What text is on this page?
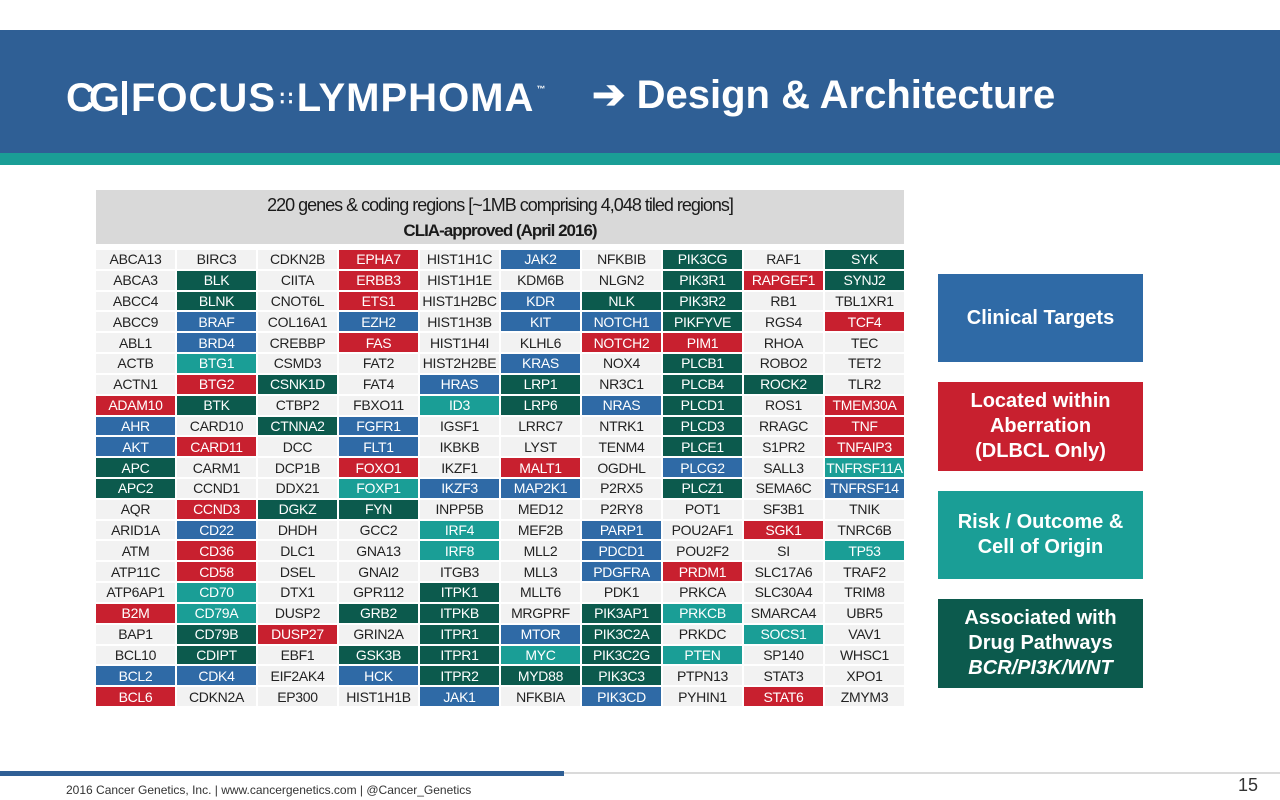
CG FOCUS ∷ LYMPHOMA ™ ➔ Design & Architecture
220 genes & coding regions [~1MB comprising 4,048 tiled regions]
CLIA-approved (April 2016)
ABCA13	BIRC3	CDKN2B	EPHA7	HIST1H1C	JAK2	NFKBIB	PIK3CG	RAF1	SYK
ABCA3	BLK	CIITA	ERBB3	HIST1H1E	KDM6B	NLGN2	PIK3R1	RAPGEF1	SYNJ2
ABCC4	BLNK	CNOT6L	ETS1	HIST1H2BC	KDR	NLK	PIK3R2	RB1	TBL1XR1
ABCC9	BRAF	COL16A1	EZH2	HIST1H3B	KIT	NOTCH1	PIKFYVE	RGS4	TCF4
ABL1	BRD4	CREBBP	FAS	HIST1H4I	KLHL6	NOTCH2	PIM1	RHOA	TEC
ACTB	BTG1	CSMD3	FAT2	HIST2H2BE	KRAS	NOX4	PLCB1	ROBO2	TET2
ACTN1	BTG2	CSNK1D	FAT4	HRAS	LRP1	NR3C1	PLCB4	ROCK2	TLR2
ADAM10	BTK	CTBP2	FBXO11	ID3	LRP6	NRAS	PLCD1	ROS1	TMEM30A
AHR	CARD10	CTNNA2	FGFR1	IGSF1	LRRC7	NTRK1	PLCD3	RRAGC	TNF
AKT	CARD11	DCC	FLT1	IKBKB	LYST	TENM4	PLCE1	S1PR2	TNFAIP3
APC	CARM1	DCP1B	FOXO1	IKZF1	MALT1	OGDHL	PLCG2	SALL3	TNFRSF11A
APC2	CCND1	DDX21	FOXP1	IKZF3	MAP2K1	P2RX5	PLCZ1	SEMA6C	TNFRSF14
AQR	CCND3	DGKZ	FYN	INPP5B	MED12	P2RY8	POT1	SF3B1	TNIK
ARID1A	CD22	DHDH	GCC2	IRF4	MEF2B	PARP1	POU2AF1	SGK1	TNRC6B
ATM	CD36	DLC1	GNA13	IRF8	MLL2	PDCD1	POU2F2	SI	TP53
ATP11C	CD58	DSEL	GNAI2	ITGB3	MLL3	PDGFRA	PRDM1	SLC17A6	TRAF2
ATP6AP1	CD70	DTX1	GPR112	ITPK1	MLLT6	PDK1	PRKCA	SLC30A4	TRIM8
B2M	CD79A	DUSP2	GRB2	ITPKB	MRGPRF	PIK3AP1	PRKCB	SMARCA4	UBR5
BAP1	CD79B	DUSP27	GRIN2A	ITPR1	MTOR	PIK3C2A	PRKDC	SOCS1	VAV1
BCL10	CDIPT	EBF1	GSK3B	ITPR1	MYC	PIK3C2G	PTEN	SP140	WHSC1
BCL2	CDK4	EIF2AK4	HCK	ITPR2	MYD88	PIK3C3	PTPN13	STAT3	XPO1
BCL6	CDKN2A	EP300	HIST1H1B	JAK1	NFKBIA	PIK3CD	PYHIN1	STAT6	ZMYM3
Clinical Targets
Located within
Aberration
(DLBCL Only)
Risk / Outcome &
Cell of Origin
Associated with
Drug Pathways
BCR/PI3K/WNT
2016 Cancer Genetics, Inc. | www.cancergenetics.com | @Cancer_Genetics	15
